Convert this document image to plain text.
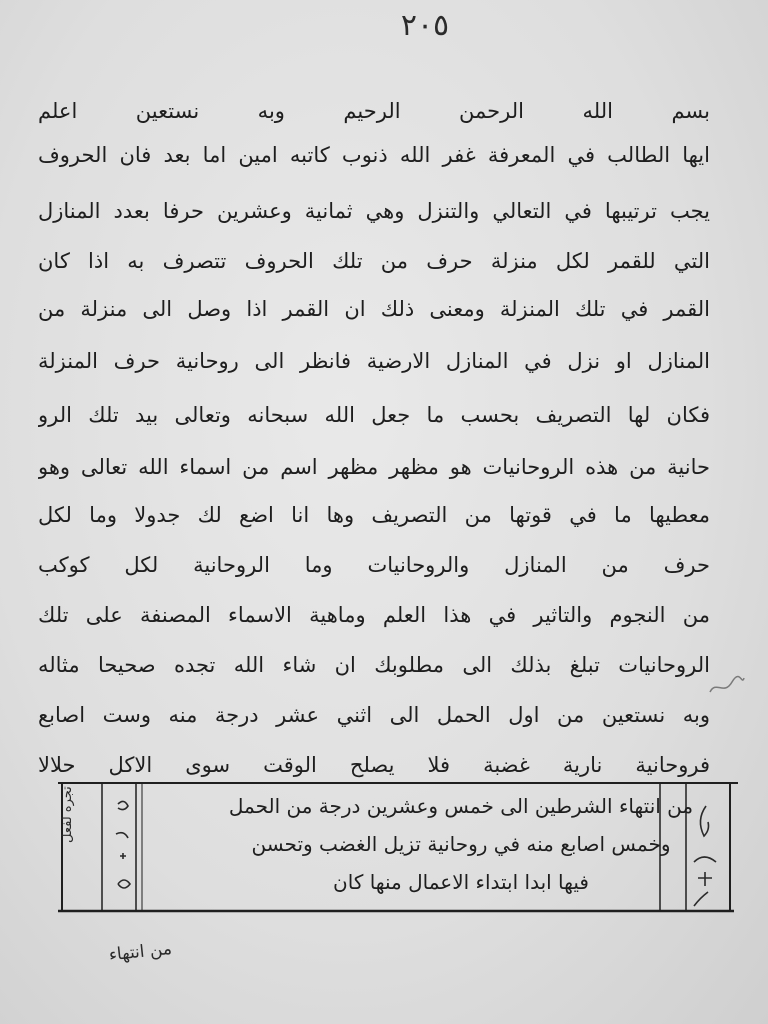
٢٠٥
بسم الله الرحمن الرحيم وبه نستعين اعلم
ايها الطالب في المعرفة غفر الله ذنوب كاتبه امين اما بعد فان الحروف
يجب ترتيبها في التعالي والتنزل وهي ثمانية وعشرين حرفا بعدد المنازل
التي للقمر لكل منزلة حرف من تلك الحروف تتصرف به اذا كان
القمر في تلك المنزلة ومعنى ذلك ان القمر اذا وصل الى منزلة من
المنازل او نزل في المنازل الارضية فانظر الى روحانية حرف المنزلة
فكان لها التصريف بحسب ما جعل الله سبحانه وتعالى بيد تلك الرو
حانية من هذه الروحانيات هو مظهر مظهر اسم من اسماء الله تعالى وهو
معطيها ما في قوتها من التصريف وها انا اضع لك جدولا وما لكل
حرف من المنازل والروحانيات وما الروحانية لكل كوكب
من النجوم والتاثير في هذا العلم وماهية الاسماء المصنفة على تلك
الروحانيات تبلغ بذلك الى مطلوبك ان شاء الله تجده صحيحا مثاله
وبه نستعين من اول الحمل الى اثني عشر درجة منه وست اصابع
فروحانية نارية غضبة فلا يصلح الوقت سوى الاكل حلالا
من انتهاء الشرطين الى خمس وعشرين درجة من الحمل
وخمس اصابع منه في روحانية تزيل الغضب وتحسن
فيها ابدا ابتداء الاعمال منها كان
تجره لفعل
من انتهاء
